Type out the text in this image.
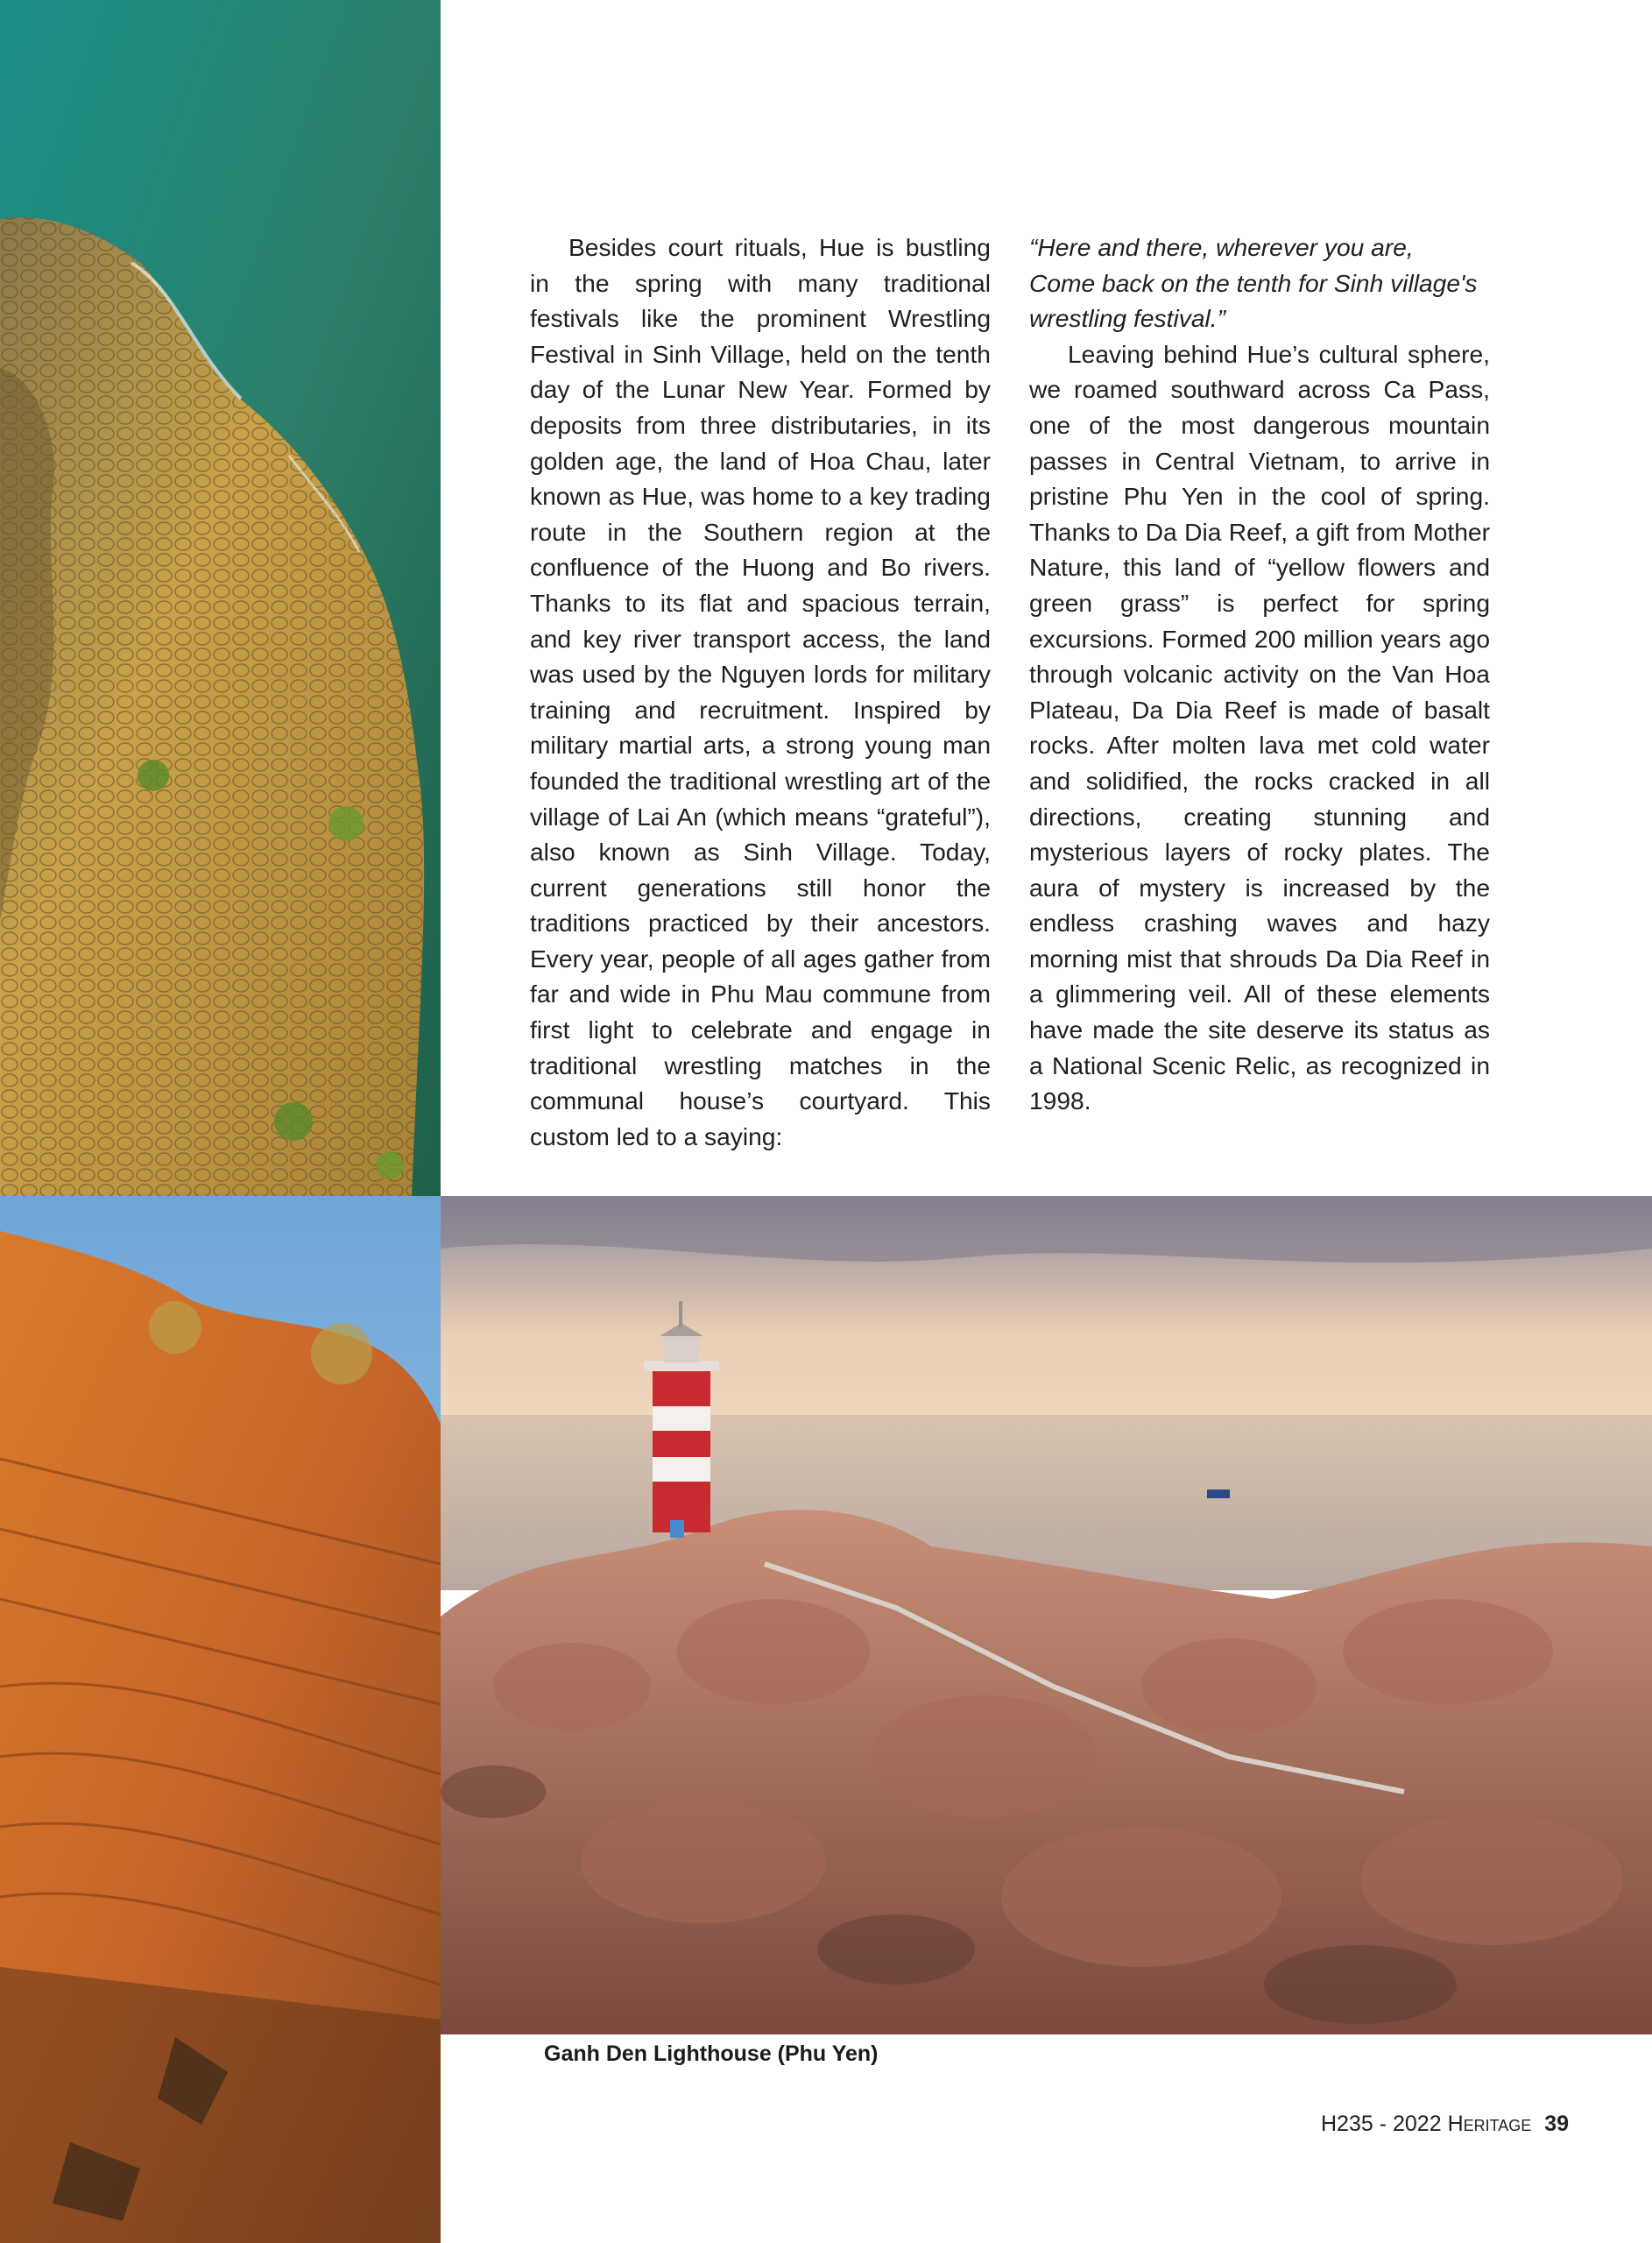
Besides court rituals, Hue is bustling in the spring with many traditional festivals like the prominent Wrestling Festival in Sinh Village, held on the tenth day of the Lunar New Year. Formed by deposits from three distributaries, in its golden age, the land of Hoa Chau, later known as Hue, was home to a key trading route in the Southern region at the confluence of the Huong and Bo rivers. Thanks to its flat and spacious terrain, and key river transport access, the land was used by the Nguyen lords for military training and recruitment. Inspired by military martial arts, a strong young man founded the traditional wrestling art of the village of Lai An (which means “grateful”), also known as Sinh Village. Today, current generations still honor the traditions practiced by their ancestors. Every year, people of all ages gather from far and wide in Phu Mau commune from first light to celebrate and engage in traditional wrestling matches in the communal house’s courtyard. This custom led to a saying:

“Here and there, wherever you are,
Come back on the tenth for Sinh village's
wrestling festival.”

Leaving behind Hue’s cultural sphere, we roamed southward across Ca Pass, one of the most dangerous mountain passes in Central Vietnam, to arrive in pristine Phu Yen in the cool of spring. Thanks to Da Dia Reef, a gift from Mother Nature, this land of “yellow flowers and green grass” is perfect for spring excursions. Formed 200 million years ago through volcanic activity on the Van Hoa Plateau, Da Dia Reef is made of basalt rocks. After molten lava met cold water and solidified, the rocks cracked in all directions, creating stunning and mysterious layers of rocky plates. The aura of mystery is increased by the endless crashing waves and hazy morning mist that shrouds Da Dia Reef in a glimmering veil. All of these elements have made the site deserve its status as a National Scenic Relic, as recognized in 1998.

Ganh Den Lighthouse (Phu Yen)
H235 - 2022 Heritage 39
